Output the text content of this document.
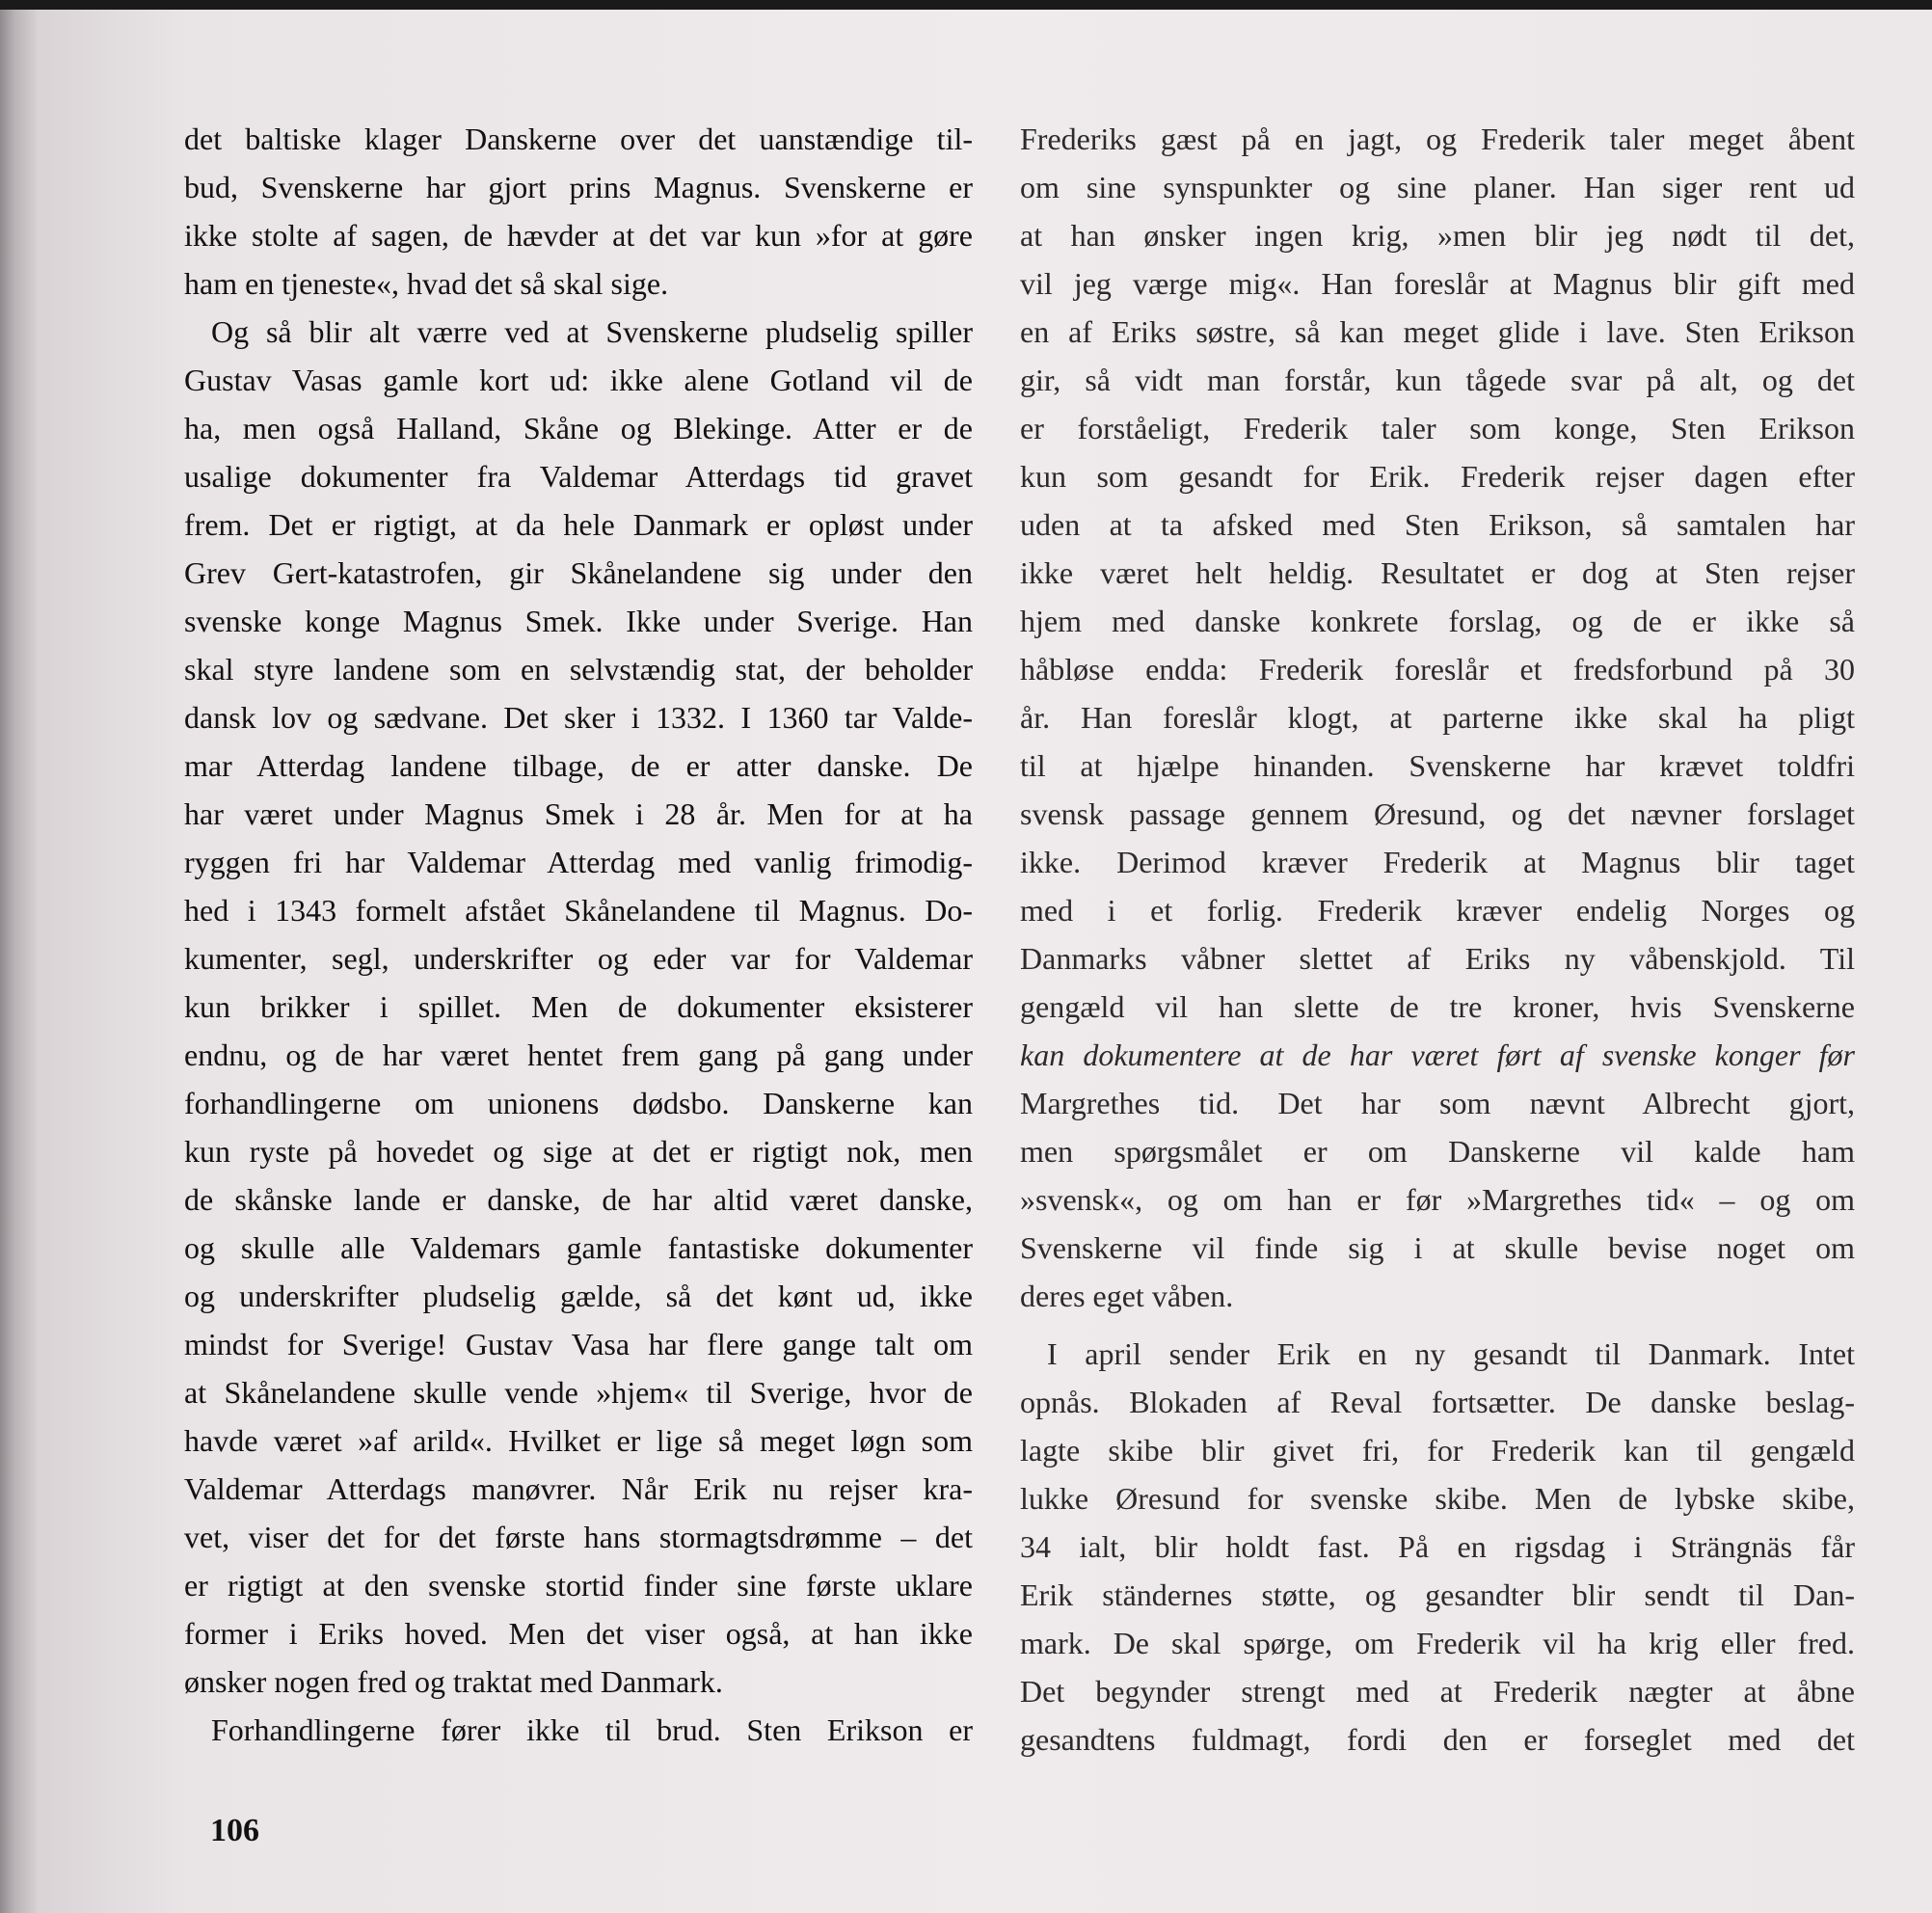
det baltiske klager Danskerne over det uanstændige til-
bud, Svenskerne har gjort prins Magnus. Svenskerne er
ikke stolte af sagen, de hævder at det var kun »for at gøre
ham en tjeneste«, hvad det så skal sige.
Og så blir alt værre ved at Svenskerne pludselig spiller
Gustav Vasas gamle kort ud: ikke alene Gotland vil de
ha, men også Halland, Skåne og Blekinge. Atter er de
usalige dokumenter fra Valdemar Atterdags tid gravet
frem. Det er rigtigt, at da hele Danmark er opløst under
Grev Gert-katastrofen, gir Skånelandene sig under den
svenske konge Magnus Smek. Ikke under Sverige. Han
skal styre landene som en selvstændig stat, der beholder
dansk lov og sædvane. Det sker i 1332. I 1360 tar Valde-
mar Atterdag landene tilbage, de er atter danske. De
har været under Magnus Smek i 28 år. Men for at ha
ryggen fri har Valdemar Atterdag med vanlig frimodig-
hed i 1343 formelt afstået Skånelandene til Magnus. Do-
kumenter, segl, underskrifter og eder var for Valdemar
kun brikker i spillet. Men de dokumenter eksisterer
endnu, og de har været hentet frem gang på gang under
forhandlingerne om unionens dødsbo. Danskerne kan
kun ryste på hovedet og sige at det er rigtigt nok, men
de skånske lande er danske, de har altid været danske,
og skulle alle Valdemars gamle fantastiske dokumenter
og underskrifter pludselig gælde, så det kønt ud, ikke
mindst for Sverige! Gustav Vasa har flere gange talt om
at Skånelandene skulle vende »hjem« til Sverige, hvor de
havde været »af arild«. Hvilket er lige så meget løgn som
Valdemar Atterdags manøvrer. Når Erik nu rejser kra-
vet, viser det for det første hans stormagtsdrømme – det
er rigtigt at den svenske stortid finder sine første uklare
former i Eriks hoved. Men det viser også, at han ikke
ønsker nogen fred og traktat med Danmark.
Forhandlingerne fører ikke til brud. Sten Erikson er
Frederiks gæst på en jagt, og Frederik taler meget åbent
om sine synspunkter og sine planer. Han siger rent ud
at han ønsker ingen krig, »men blir jeg nødt til det,
vil jeg værge mig«. Han foreslår at Magnus blir gift med
en af Eriks søstre, så kan meget glide i lave. Sten Erikson
gir, så vidt man forstår, kun tågede svar på alt, og det
er forståeligt, Frederik taler som konge, Sten Erikson
kun som gesandt for Erik. Frederik rejser dagen efter
uden at ta afsked med Sten Erikson, så samtalen har
ikke været helt heldig. Resultatet er dog at Sten rejser
hjem med danske konkrete forslag, og de er ikke så
håbløse endda: Frederik foreslår et fredsforbund på 30
år. Han foreslår klogt, at parterne ikke skal ha pligt
til at hjælpe hinanden. Svenskerne har krævet toldfri
svensk passage gennem Øresund, og det nævner forslaget
ikke. Derimod kræver Frederik at Magnus blir taget
med i et forlig. Frederik kræver endelig Norges og
Danmarks våbner slettet af Eriks ny våbenskjold. Til
gengæld vil han slette de tre kroner, hvis Svenskerne
kan dokumentere at de har været ført af svenske konger før
Margrethes tid. Det har som nævnt Albrecht gjort,
men spørgsmålet er om Danskerne vil kalde ham
»svensk«, og om han er før »Margrethes tid« – og om
Svenskerne vil finde sig i at skulle bevise noget om
deres eget våben.
I april sender Erik en ny gesandt til Danmark. Intet
opnås. Blokaden af Reval fortsætter. De danske beslag-
lagte skibe blir givet fri, for Frederik kan til gengæld
lukke Øresund for svenske skibe. Men de lybske skibe,
34 ialt, blir holdt fast. På en rigsdag i Strängnäs får
Erik ständernes støtte, og gesandter blir sendt til Dan-
mark. De skal spørge, om Frederik vil ha krig eller fred.
Det begynder strengt med at Frederik nægter at åbne
gesandtens fuldmagt, fordi den er forseglet med det
106
